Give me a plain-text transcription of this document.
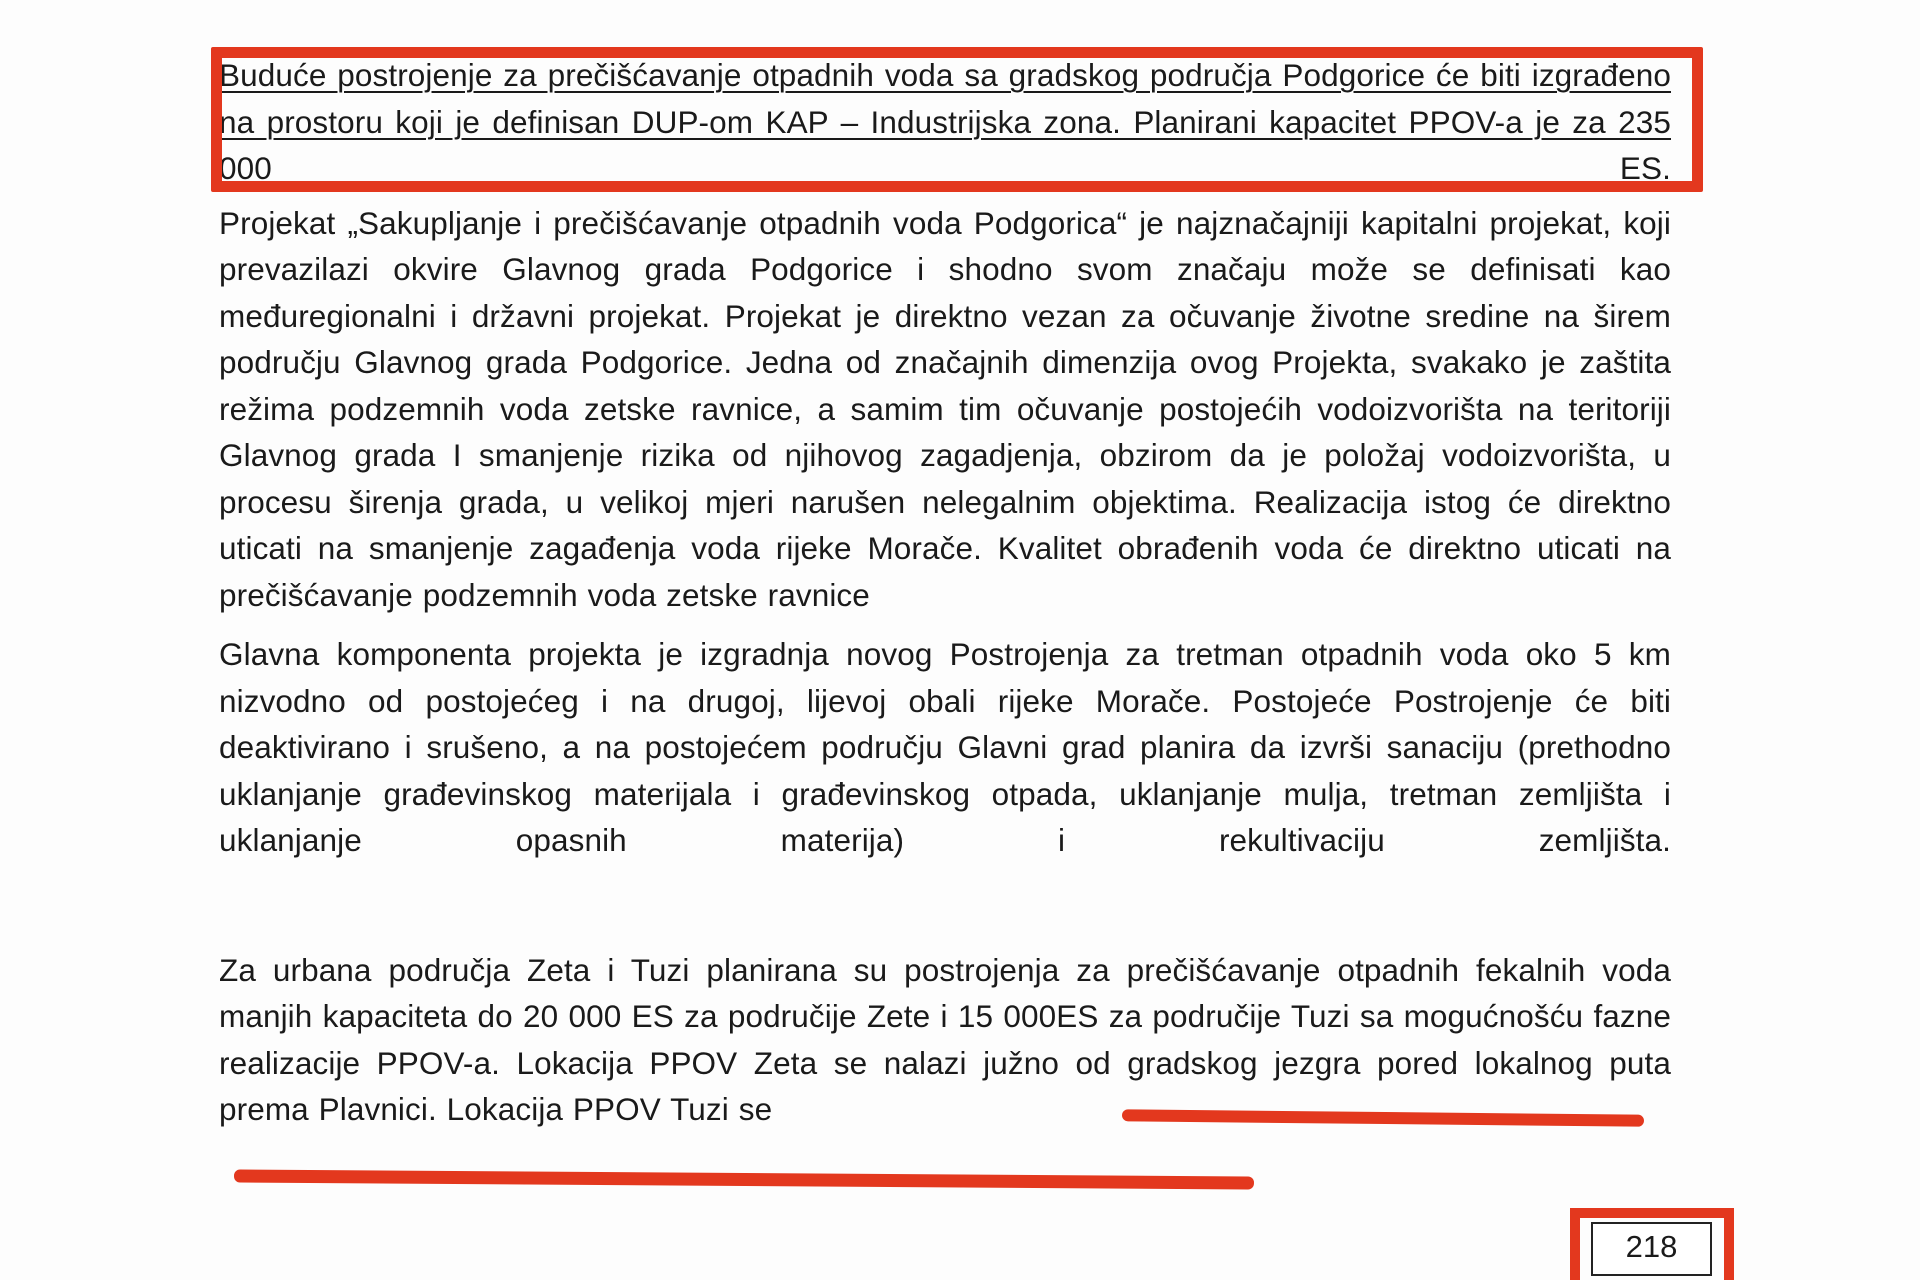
Buduće postrojenje za prečišćavanje otpadnih voda sa gradskog područja Podgorice će biti izgrađeno na prostoru koji je definisan DUP-om KAP – Industrijska zona. Planirani kapacitet PPOV-a je za 235 000 ES.

Projekat „Sakupljanje i prečišćavanje otpadnih voda Podgorica“ je najznačajniji kapitalni projekat, koji prevazilazi okvire Glavnog grada Podgorice i shodno svom značaju može se definisati kao međuregionalni i državni projekat. Projekat je direktno vezan za očuvanje životne sredine na širem području Glavnog grada Podgorice. Jedna od značajnih dimenzija ovog Projekta, svakako je zaštita režima podzemnih voda zetske ravnice, a samim tim očuvanje postojećih vodoizvorišta na teritoriji Glavnog grada I smanjenje rizika od njihovog zagadjenja, obzirom da je položaj vodoizvorišta, u procesu širenja grada, u velikoj mjeri narušen nelegalnim objektima. Realizacija istog će direktno uticati na smanjenje zagađenja voda rijeke Morače. Kvalitet obrađenih voda će direktno uticati na prečišćavanje podzemnih voda zetske ravnice

Glavna komponenta projekta je izgradnja novog Postrojenja za tretman otpadnih voda oko 5 km nizvodno od postojećeg i na drugoj, lijevoj obali rijeke Morače. Postojeće Postrojenje će biti deaktivirano i srušeno, a na postojećem području Glavni grad planira da izvrši sanaciju (prethodno uklanjanje građevinskog materijala i građevinskog otpada, uklanjanje mulja, tretman zemljišta i uklanjanje opasnih materija) i rekultivaciju zemljišta.

Za urbana područja Zeta i Tuzi planirana su postrojenja za prečišćavanje otpadnih fekalnih voda manjih kapaciteta do 20 000 ES za područije Zete i 15 000ES za područije Tuzi sa mogućnošću fazne realizacije PPOV-a. Lokacija PPOV Zeta se nalazi južno od gradskog jezgra pored lokalnog puta prema Plavnici. Lokacija PPOV Tuzi se

218
